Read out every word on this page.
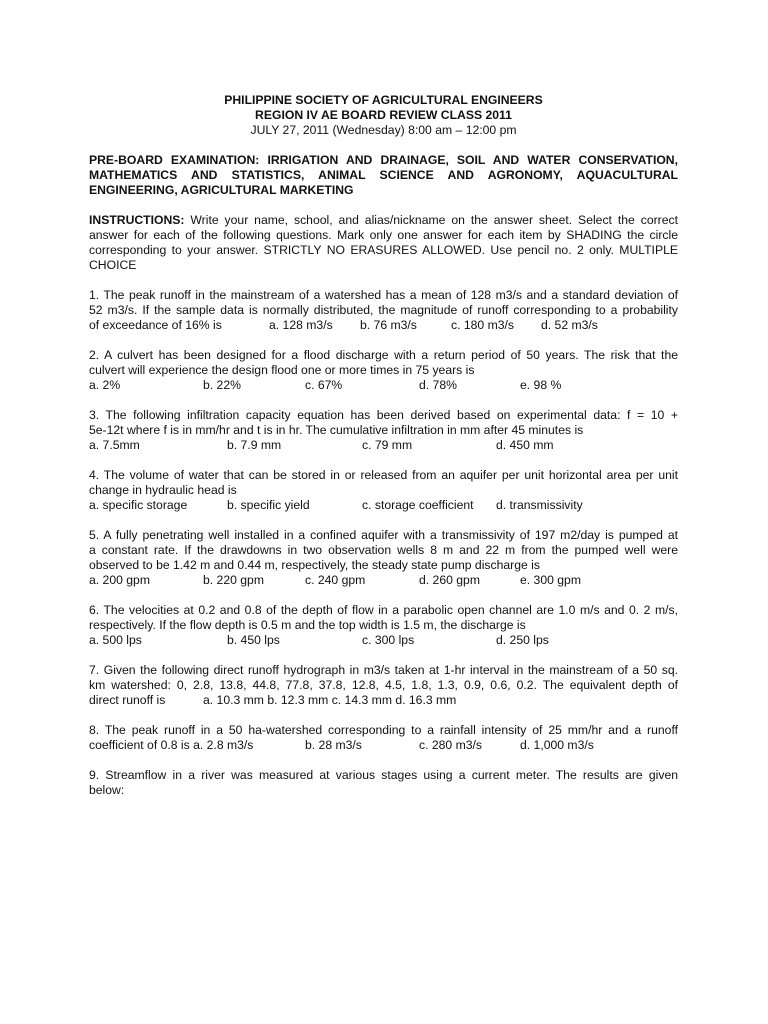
PHILIPPINE SOCIETY OF AGRICULTURAL ENGINEERS
REGION IV AE BOARD REVIEW CLASS 2011
JULY 27, 2011 (Wednesday) 8:00 am – 12:00 pm
PRE-BOARD EXAMINATION: IRRIGATION AND DRAINAGE, SOIL AND WATER CONSERVATION,
MATHEMATICS AND STATISTICS, ANIMAL SCIENCE AND AGRONOMY, AQUACULTURAL
ENGINEERING, AGRICULTURAL MARKETING
INSTRUCTIONS: Write your name, school, and alias/nickname on the answer sheet. Select the correct
answer for each of the following questions. Mark only one answer for each item by SHADING the circle
corresponding to your answer. STRICTLY NO ERASURES ALLOWED. Use pencil no. 2 only. MULTIPLE
CHOICE
1. The peak runoff in the mainstream of a watershed has a mean of 128 m3/s and a standard deviation of
52 m3/s. If the sample data is normally distributed, the magnitude of runoff corresponding to a probability
of exceedance of 16% is	a. 128 m3/s b. 76 m3/s	c. 180 m3/s d. 52 m3/s
2. A culvert has been designed for a flood discharge with a return period of 50 years. The risk that the
culvert will experience the design flood one or more times in 75 years is
a. 2%	b. 22%	c. 67%	d. 78%	e. 98 %
3. The following infiltration capacity equation has been derived based on experimental data: f = 10 +
5e-12t where f is in mm/hr and t is in hr. The cumulative infiltration in mm after 45 minutes is
a. 7.5mm	b. 7.9 mm	c. 79 mm	d. 450 mm
4. The volume of water that can be stored in or released from an aquifer per unit horizontal area per unit
change in hydraulic head is
a. specific storage	b. specific yield	c. storage coefficient d. transmissivity
5. A fully penetrating well installed in a confined aquifer with a transmissivity of 197 m2/day is pumped at
a constant rate. If the drawdowns in two observation wells 8 m and 22 m from the pumped well were
observed to be 1.42 m and 0.44 m, respectively, the steady state pump discharge is
a. 200 gpm	b. 220 gpm	c. 240 gpm	d. 260 gpm	e. 300 gpm
6. The velocities at 0.2 and 0.8 of the depth of flow in a parabolic open channel are 1.0 m/s and 0. 2 m/s,
respectively. If the flow depth is 0.5 m and the top width is 1.5 m, the discharge is
a. 500 lps	b. 450 lps	c. 300 lps	d. 250 lps
7. Given the following direct runoff hydrograph in m3/s taken at 1-hr interval in the mainstream of a 50 sq.
km watershed: 0, 2.8, 13.8, 44.8, 77.8, 37.8, 12.8, 4.5, 1.8, 1.3, 0.9, 0.6, 0.2. The equivalent depth of
direct runoff is	a. 10.3 mm b. 12.3 mm c. 14.3 mm d. 16.3 mm
8. The peak runoff in a 50 ha-watershed corresponding to a rainfall intensity of 25 mm/hr and a runoff
coefficient of 0.8 is a. 2.8 m3/s	b. 28 m3/s	c. 280 m3/s	d. 1,000 m3/s
9. Streamflow in a river was measured at various stages using a current meter. The results are given
below:
